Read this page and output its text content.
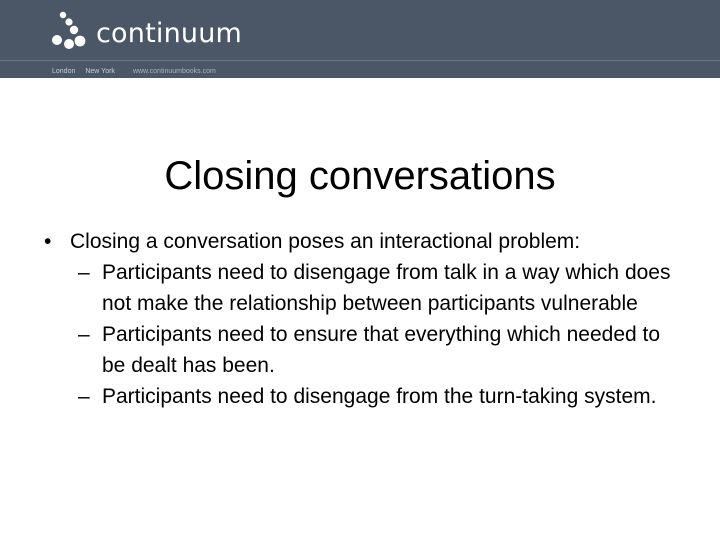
continuum
London New York	www.continuumbooks.com
Closing conversations
• Closing a conversation poses an interactional problem:
– Participants need to disengage from talk in a way which does not make the relationship between participants vulnerable
– Participants need to ensure that everything which needed to be dealt has been.
– Participants need to disengage from the turn-taking system.
